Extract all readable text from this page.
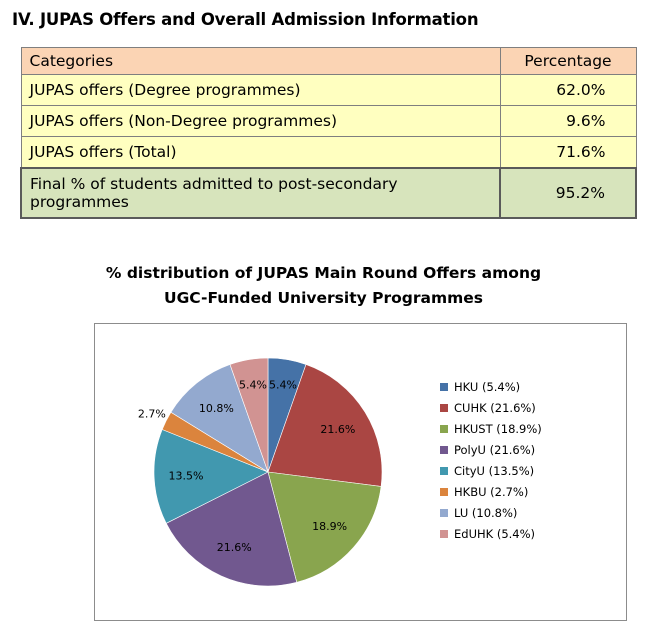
IV. JUPAS Offers and Overall Admission Information
Categories	Percentage
JUPAS offers (Degree programmes)	62.0%
JUPAS offers (Non-Degree programmes)	9.6%
JUPAS offers (Total)	71.6%
Final % of students admitted to post-secondary programmes	95.2%
% distribution of JUPAS Main Round Offers among
UGC-Funded University Programmes
5.4%
21.6%
18.9%
21.6%
13.5%
2.7%	10.8%
5.4%	HKU (5.4%)
CUHK (21.6%)
HKUST (18.9%)
PolyU (21.6%)
CityU (13.5%)
HKBU (2.7%)
LU (10.8%)
EdUHK (5.4%)
